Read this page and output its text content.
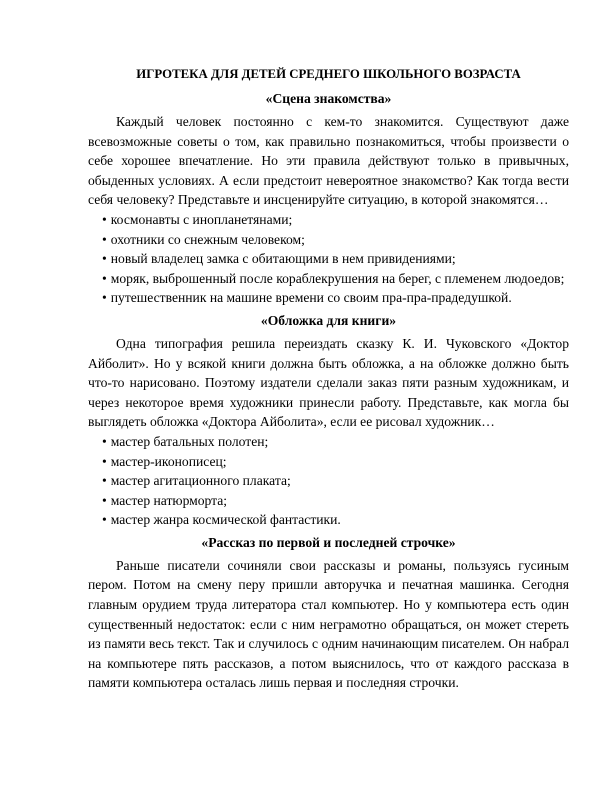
ИГРОТЕКА ДЛЯ ДЕТЕЙ СРЕДНЕГО ШКОЛЬНОГО ВОЗРАСТА
«Сцена знакомства»

Каждый человек постоянно с кем-то знакомится. Существуют даже всевозможные советы о том, как правильно познакомиться, чтобы произвести о себе хорошее впечатление. Но эти правила действуют только в привычных, обыденных условиях. А если предстоит невероятное знакомство? Как тогда вести себя человеку? Представьте и инсценируйте ситуацию, в которой знакомятся…

• космонавты с инопланетянами;
• охотники со снежным человеком;
• новый владелец замка с обитающими в нем привидениями;
• моряк, выброшенный после кораблекрушения на берег, с племенем людоедов;
• путешественник на машине времени со своим пра-пра-прадедушкой.
«Обложка для книги»

Одна типография решила переиздать сказку К. И. Чуковского «Доктор Айболит». Но у всякой книги должна быть обложка, а на обложке должно быть что-то нарисовано. Поэтому издатели сделали заказ пяти разным художникам, и через некоторое время художники принесли работу. Представьте, как могла бы выглядеть обложка «Доктора Айболита», если ее рисовал художник…

• мастер батальных полотен;
• мастер-иконописец;
• мастер агитационного плаката;
• мастер натюрморта;
• мастер жанра космической фантастики.
«Рассказ по первой и последней строчке»

Раньше писатели сочиняли свои рассказы и романы, пользуясь гусиным пером. Потом на смену перу пришли авторучка и печатная машинка. Сегодня главным орудием труда литератора стал компьютер. Но у компьютера есть один существенный недостаток: если с ним неграмотно обращаться, он может стереть из памяти весь текст. Так и случилось с одним начинающим писателем. Он набрал на компьютере пять рассказов, а потом выяснилось, что от каждого рассказа в памяти компьютера осталась лишь первая и последняя строчки.
